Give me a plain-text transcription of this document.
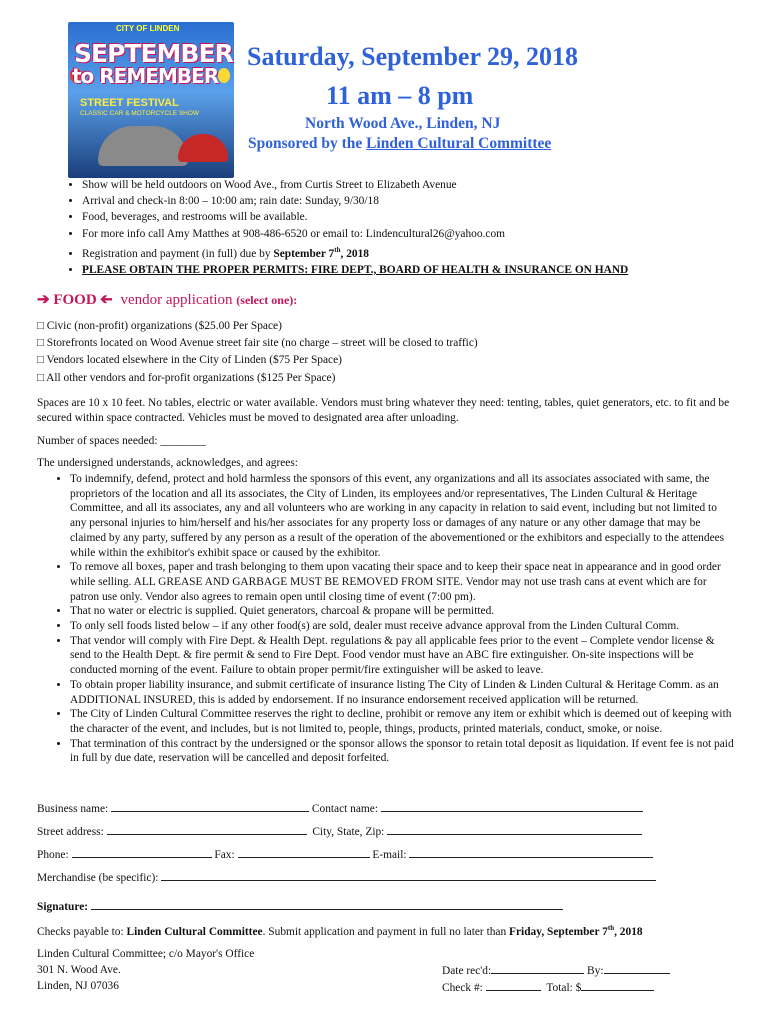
CITY OF LINDEN
SEPTEMBER
to REMEMBER
STREET FESTIVAL
CLASSIC CAR & MOTORCYCLE SHOW
Saturday, September 29, 2018
11 am – 8 pm
North Wood Ave., Linden, NJ
Sponsored by the Linden Cultural Committee
• Show will be held outdoors on Wood Ave., from Curtis Street to Elizabeth Avenue
• Arrival and check-in 8:00 – 10:00 am; rain date: Sunday, 9/30/18
• Food, beverages, and restrooms will be available.
• For more info call Amy Matthes at 908-486-6520 or email to: Lindencultural26@yahoo.com
• Registration and payment (in full) due by September 7th, 2018
• PLEASE OBTAIN THE PROPER PERMITS: FIRE DEPT., BOARD OF HEALTH & INSURANCE ON HAND
➔ FOOD ➔ vendor application (select one):
□ Civic (non-profit) organizations ($25.00 Per Space)
□ Storefronts located on Wood Avenue street fair site (no charge – street will be closed to traffic)
□ Vendors located elsewhere in the City of Linden ($75 Per Space)
□ All other vendors and for-profit organizations ($125 Per Space)
Spaces are 10 x 10 feet. No tables, electric or water available. Vendors must bring whatever they need: tenting, tables, quiet generators, etc. to fit and be secured within space contracted. Vehicles must be moved to designated area after unloading.
Number of spaces needed: ________
The undersigned understands, acknowledges, and agrees:
• To indemnify, defend, protect and hold harmless the sponsors of this event, any organizations and all its associates associated with same, the proprietors of the location and all its associates, the City of Linden, its employees and/or representatives, The Linden Cultural & Heritage Committee, and all its associates, any and all volunteers who are working in any capacity in relation to said event, including but not limited to any personal injuries to him/herself and his/her associates for any property loss or damages of any nature or any other damage that may be claimed by any party, suffered by any person as a result of the operation of the abovementioned or the exhibitors and especially to the attendees while within the exhibitor's exhibit space or caused by the exhibitor.
• To remove all boxes, paper and trash belonging to them upon vacating their space and to keep their space neat in appearance and in good order while selling. ALL GREASE AND GARBAGE MUST BE REMOVED FROM SITE. Vendor may not use trash cans at event which are for patron use only. Vendor also agrees to remain open until closing time of event (7:00 pm).
• That no water or electric is supplied. Quiet generators, charcoal & propane will be permitted.
• To only sell foods listed below – if any other food(s) are sold, dealer must receive advance approval from the Linden Cultural Comm.
• That vendor will comply with Fire Dept. & Health Dept. regulations & pay all applicable fees prior to the event – Complete vendor license & send to the Health Dept. & fire permit & send to Fire Dept. Food vendor must have an ABC fire extinguisher. On-site inspections will be conducted morning of the event. Failure to obtain proper permit/fire extinguisher will be asked to leave.
• To obtain proper liability insurance, and submit certificate of insurance listing The City of Linden & Linden Cultural & Heritage Comm. as an ADDITIONAL INSURED, this is added by endorsement. If no insurance endorsement received application will be returned.
• The City of Linden Cultural Committee reserves the right to decline, prohibit or remove any item or exhibit which is deemed out of keeping with the character of the event, and includes, but is not limited to, people, things, products, printed materials, conduct, smoke, or noise.
• That termination of this contract by the undersigned or the sponsor allows the sponsor to retain total deposit as liquidation. If event fee is not paid in full by due date, reservation will be cancelled and deposit forfeited.
Business name:	Contact name:
Street address:	City, State, Zip:
Phone:	Fax:	E-mail:
Merchandise (be specific):
Signature:
Checks payable to: Linden Cultural Committee. Submit application and payment in full no later than Friday, September 7th, 2018
Linden Cultural Committee; c/o Mayor's Office
301 N. Wood Ave.
Linden, NJ 07036
Date rec'd:	By:
Check #:	Total: $
